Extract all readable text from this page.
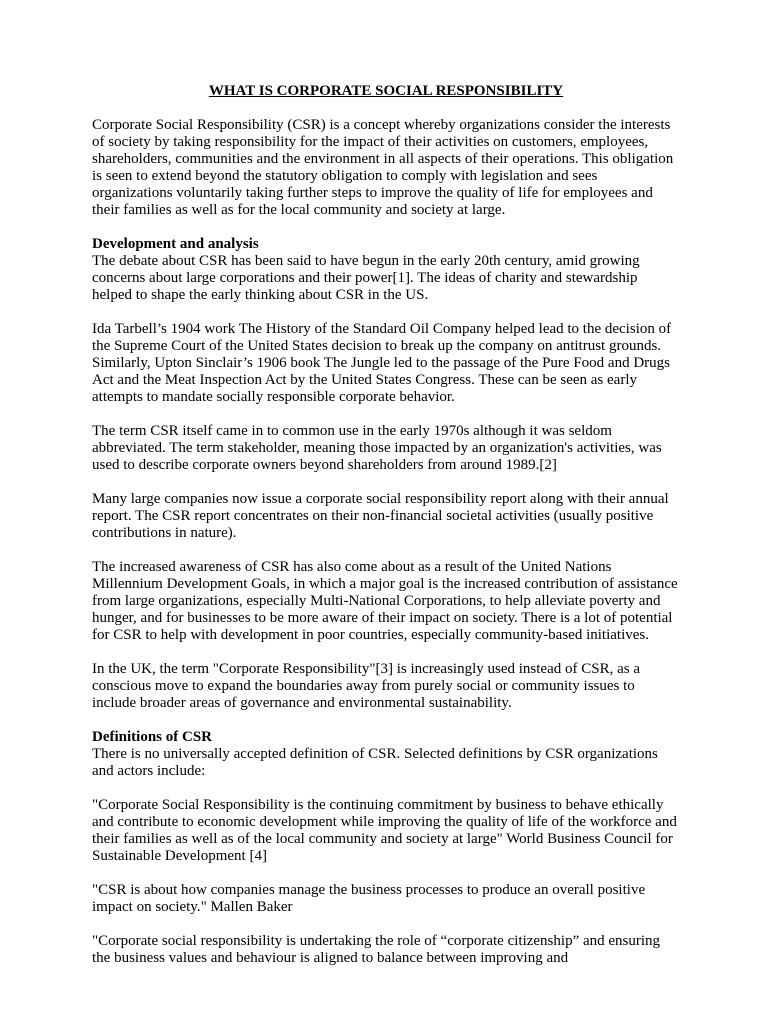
WHAT IS CORPORATE SOCIAL RESPONSIBILITY

Corporate Social Responsibility (CSR) is a concept whereby organizations consider the interests of society by taking responsibility for the impact of their activities on customers, employees, shareholders, communities and the environment in all aspects of their operations. This obligation is seen to extend beyond the statutory obligation to comply with legislation and sees organizations voluntarily taking further steps to improve the quality of life for employees and their families as well as for the local community and society at large.

Development and analysis

The debate about CSR has been said to have begun in the early 20th century, amid growing concerns about large corporations and their power[1]. The ideas of charity and stewardship helped to shape the early thinking about CSR in the US.

Ida Tarbell’s 1904 work The History of the Standard Oil Company helped lead to the decision of the Supreme Court of the United States decision to break up the company on antitrust grounds. Similarly, Upton Sinclair’s 1906 book The Jungle led to the passage of the Pure Food and Drugs Act and the Meat Inspection Act by the United States Congress. These can be seen as early attempts to mandate socially responsible corporate behavior.

The term CSR itself came in to common use in the early 1970s although it was seldom abbreviated. The term stakeholder, meaning those impacted by an organization's activities, was used to describe corporate owners beyond shareholders from around 1989.[2]

Many large companies now issue a corporate social responsibility report along with their annual report. The CSR report concentrates on their non-financial societal activities (usually positive contributions in nature).

The increased awareness of CSR has also come about as a result of the United Nations Millennium Development Goals, in which a major goal is the increased contribution of assistance from large organizations, especially Multi-National Corporations, to help alleviate poverty and hunger, and for businesses to be more aware of their impact on society. There is a lot of potential for CSR to help with development in poor countries, especially community-based initiatives.

In the UK, the term "Corporate Responsibility"[3] is increasingly used instead of CSR, as a conscious move to expand the boundaries away from purely social or community issues to include broader areas of governance and environmental sustainability.

Definitions of CSR

There is no universally accepted definition of CSR. Selected definitions by CSR organizations and actors include:

"Corporate Social Responsibility is the continuing commitment by business to behave ethically and contribute to economic development while improving the quality of life of the workforce and their families as well as of the local community and society at large" World Business Council for Sustainable Development [4]

"CSR is about how companies manage the business processes to produce an overall positive impact on society." Mallen Baker

"Corporate social responsibility is undertaking the role of “corporate citizenship” and ensuring the business values and behaviour is aligned to balance between improving and
